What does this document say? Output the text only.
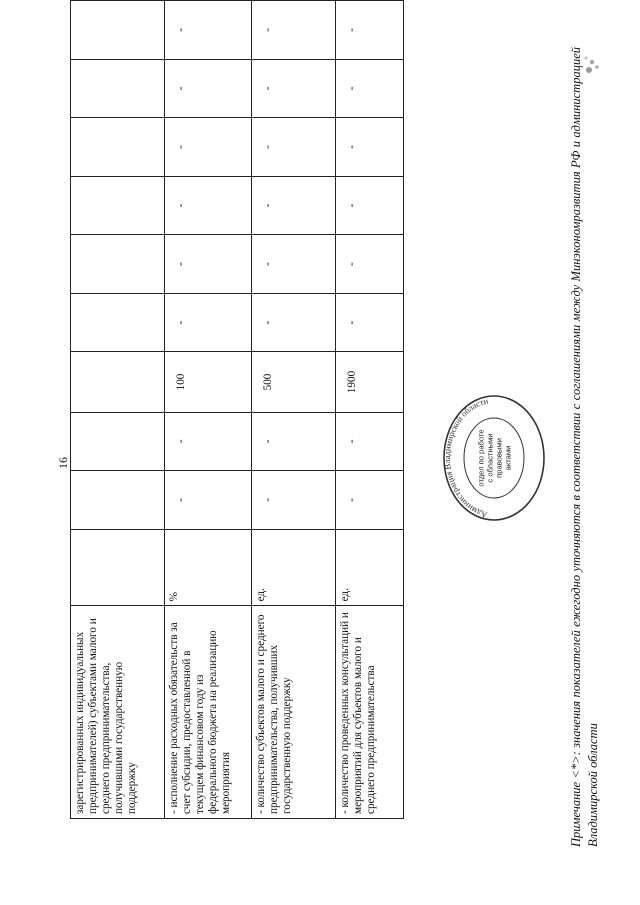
16
зарегистрированных индивидуальных предпринимателей) субъектами малого и среднего предпринимательства, получившими государственную поддержку										
- исполнение расходных обязательств за счет субсидии, предоставленной в текущем финансовом году из федерального бюджета на реализацию мероприятия	%	-	-	100	-	-	-	-	-	-
- количество субъектов малого и среднего предпринимательства, получивших государственную поддержку	ед.	-	-	500	-	-	-	-	-	-
- количество проведенных консультаций и мероприятий для субъектов малого и среднего предпринимательства	ед.	-	-	1900	-	-	-	-	-	-
Примечание <*>: значения показателей ежегодно уточняются в соответствии с соглашениями между Минэкономразвития РФ и администрацией Владимирской области
Администрация Владимирской области
отдел по работес областнымиправовымиактами
